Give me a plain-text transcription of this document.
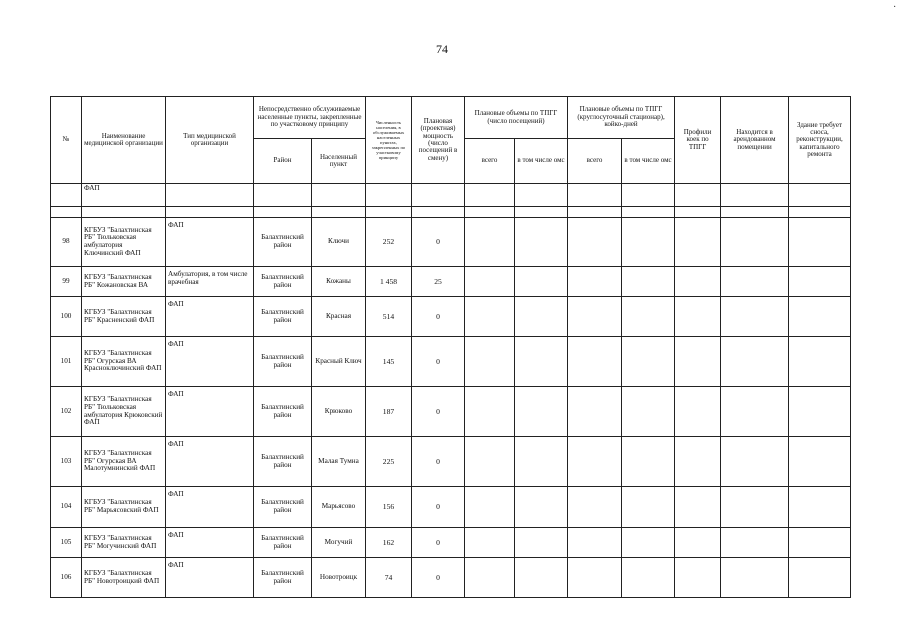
74
·
№	Наименование медицинской организации	Тип медицинской организации	Непосредственно обслуживаемые населенные пункты, закрепленные по участковому принципу		Численность населения, в обслуживаемых населенных пунктах, закрепленных по участковому принципу	Плановая (проектная) мощность (число посещений в смену)	Плановые объемы по ТПГГ (число посещений)		Плановые объемы по ТПГГ (круглосуточный стационар), койко-дней		Профили коек по ТПГГ	Находится в арендованном помещении	Здание требует сноса, реконструкции, капитального ремонта
			Район	Населенный пункт			всего	в том числе омс	всего	в том числе омс			
	ФАП												

98	КГБУЗ "Балахтинская РБ" Тюльковская амбулатория Ключинский ФАП	ФАП	Балахтинский район	Ключи	252	0							
99	КГБУЗ "Балахтинская РБ" Кожановская ВА	Амбулатория, в том числе врачебная	Балахтинский район	Кожаны	1 458	25							
100	КГБУЗ "Балахтинская РБ" Красненский ФАП	ФАП	Балахтинский район	Красная	514	0							
101	КГБУЗ "Балахтинская РБ" Огурская ВА Красноключинский ФАП	ФАП	Балахтинский район	Красный Ключ	145	0							
102	КГБУЗ "Балахтинская РБ" Тюльковская амбулатория Крюковский ФАП	ФАП	Балахтинский район	Крюково	187	0							
103	КГБУЗ "Балахтинская РБ" Огурская ВА Малотумнинский ФАП	ФАП	Балахтинский район	Малая Тумна	225	0							
104	КГБУЗ "Балахтинская РБ" Марьясовский ФАП	ФАП	Балахтинский район	Марьясово	156	0							
105	КГБУЗ "Балахтинская РБ" Могучинский ФАП	ФАП	Балахтинский район	Могучий	162	0							
106	КГБУЗ "Балахтинская РБ" Новотроицкий ФАП	ФАП	Балахтинский район	Новотроицк	74	0							
